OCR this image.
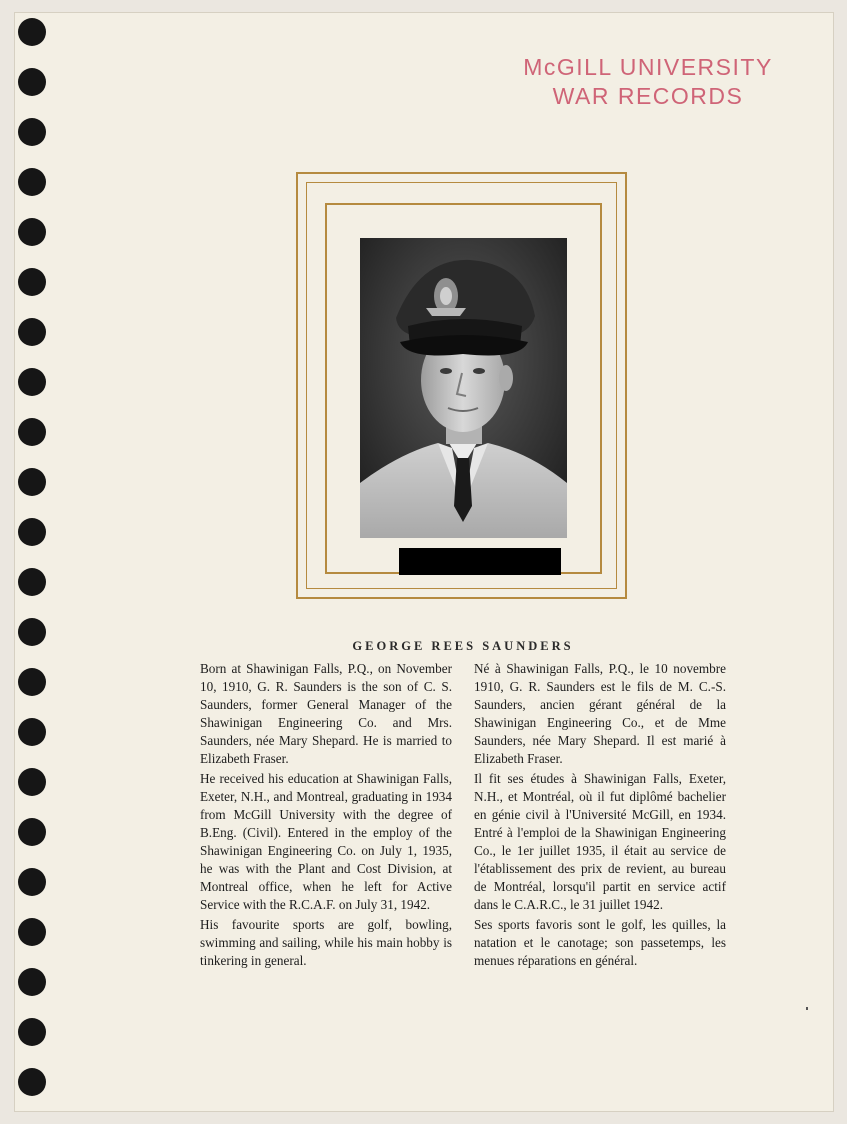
McGILL UNIVERSITY
WAR RECORDS
GEORGE REES SAUNDERS

Born at Shawinigan Falls, P.Q., on November 10, 1910, G. R. Saunders is the son of C. S. Saunders, former General Manager of the Shawinigan Engineering Co. and Mrs. Saunders, née Mary Shepard. He is married to Elizabeth Fraser.

He received his education at Shawinigan Falls, Exeter, N.H., and Montreal, graduating in 1934 from McGill University with the degree of B.Eng. (Civil). Entered in the employ of the Shawinigan Engineering Co. on July 1, 1935, he was with the Plant and Cost Division, at Montreal office, when he left for Active Service with the R.C.A.F. on July 31, 1942.

His favourite sports are golf, bowling, swimming and sailing, while his main hobby is tinkering in general.

Né à Shawinigan Falls, P.Q., le 10 novembre 1910, G. R. Saunders est le fils de M. C.-S. Saunders, ancien gérant général de la Shawinigan Engineering Co., et de Mme Saunders, née Mary Shepard. Il est marié à Elizabeth Fraser.

Il fit ses études à Shawinigan Falls, Exeter, N.H., et Montréal, où il fut diplômé bachelier en génie civil à l'Université McGill, en 1934. Entré à l'emploi de la Shawinigan Engineering Co., le 1er juillet 1935, il était au service de l'établissement des prix de revient, au bureau de Montréal, lorsqu'il partit en service actif dans le C.A.R.C., le 31 juillet 1942.

Ses sports favoris sont le golf, les quilles, la natation et le canotage; son passetemps, les menues réparations en général.
